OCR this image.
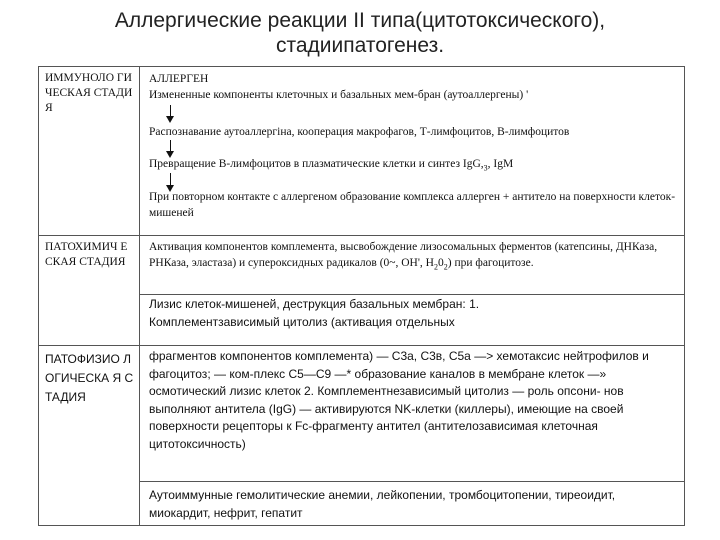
Аллергические реакции II типа(цитотоксического),
стадиипатогенез.
ИММУНОЛО ГИЧЕСКАЯ СТАДИЯ
ПАТОХИМИЧ ЕСКАЯ СТАДИЯ
ПАТОФИЗИО ЛОГИЧЕСКА Я СТАДИЯ
АЛЛЕРГЕН
Измененные компоненты клеточных и базальных мем-бран (аутоаллергены) '
Распознавание аутоаллергіна, кооперация макрофагов, Т-лимфоцитов, В-лимфоцитов
Превращение В-лимфоцитов в плазматические клетки и синтез $IgG,_3$, IgM
При повторном контакте с аллергеном образование комплекса аллерген + антитело на поверхности клеток-мишеней
Активация компонентов комплемента, высвобождение лизосомальных ферментов (катепсины, ДНКаза, РНКаза, эластаза) и супероксидных радикалов (0~, ОН', $Н_20_2$) при фагоцитозе.
Лизис клеток-мишеней, деструкция базальных мембран: 1. Комплементзависимый цитолиз (активация отдельных
фрагментов компонентов комплемента) — С3а, С3в, С5а —> хемотаксис нейтрофилов и фагоцитоз; — ком-плекс С5—С9 —* образование каналов в мембране клеток —» осмотический лизис клеток 2. Комплементнезависимый цитолиз — роль опсони- нов выполняют антитела (IgG) — активируются NK-клетки (киллеры), имеющие на своей поверхности рецепторы к Fc-фрагменту антител (антителозависимая клеточная цитотоксичность)
Аутоиммунные гемолитические анемии, лейкопении, тромбоцитопении, тиреоидит, миокардит, нефрит, гепатит
